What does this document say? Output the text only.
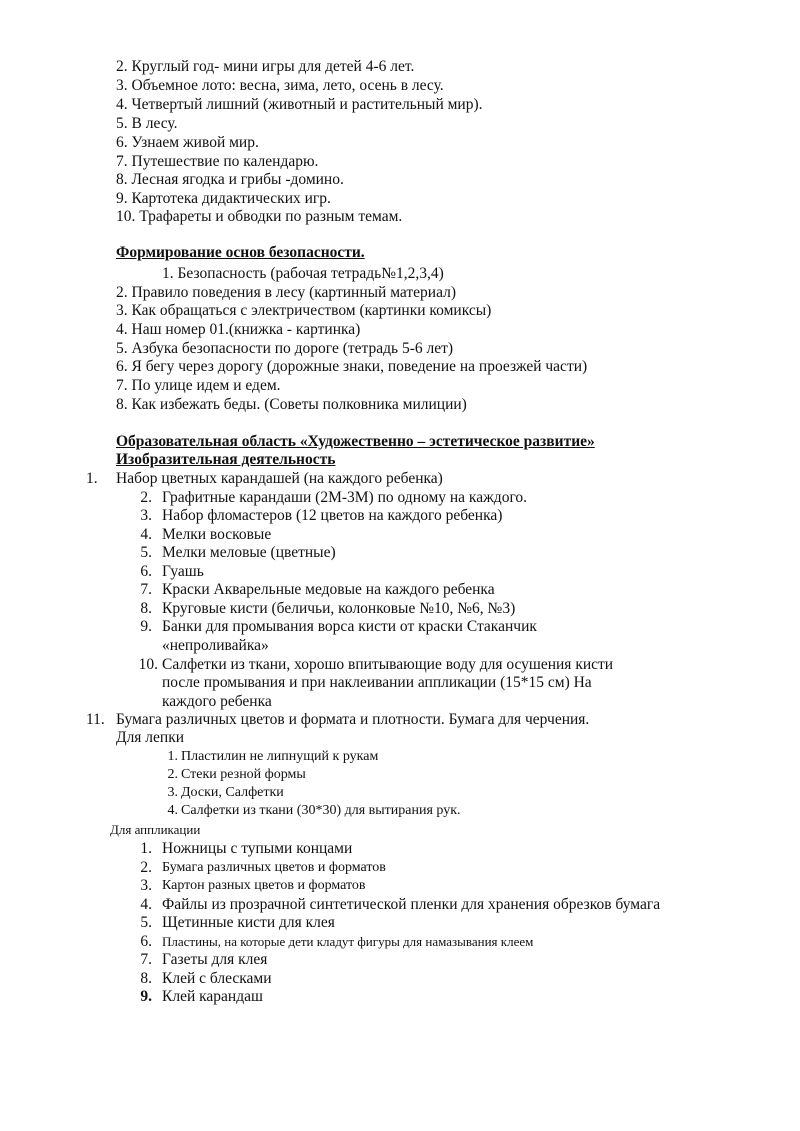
2. Круглый год- мини игры для детей 4-6 лет.
3. Объемное лото: весна, зима, лето, осень в лесу.
4. Четвертый лишний (животный и растительный мир).
5. В лесу.
6. Узнаем живой мир.
7. Путешествие по календарю.
8. Лесная ягодка и грибы -домино.
9. Картотека дидактических игр.
10. Трафареты и обводки по разным темам.
Формирование основ безопасности.
1. Безопасность (рабочая тетрадь№1,2,3,4)
2. Правило поведения в лесу (картинный материал)
3. Как обращаться с электричеством (картинки комиксы)
4. Наш номер 01.(книжка - картинка)
5. Азбука безопасности по дороге (тетрадь 5-6 лет)
6. Я бегу через дорогу (дорожные знаки, поведение на проезжей части)
7. По улице идем и едем.
8. Как избежать беды. (Советы полковника милиции)
Образовательная область «Художественно – эстетическое развитие»
Изобразительная деятельность
1.	Набор цветных карандашей (на каждого ребенка)
2. Графитные карандаши (2М-3М) по одному на каждого.
3. Набор фломастеров (12 цветов на каждого ребенка)
4. Мелки восковые
5. Мелки меловые (цветные)
6. Гуашь
7. Краски Акварельные медовые на каждого ребенка
8. Круговые кисти (беличьи, колонковые №10, №6, №3)
9. Банки для промывания ворса кисти от краски Стаканчик
«непроливайка»
10. Салфетки из ткани, хорошо впитывающие воду для осушения кисти
после промывания и при наклеивании аппликации (15*15 см) На
каждого ребенка
11. Бумага различных цветов и формата и плотности. Бумага для черчения.
Для лепки
1. Пластилин не липнущий к рукам
2. Стеки резной формы
3. Доски, Салфетки
4. Салфетки из ткани (30*30) для вытирания рук.
Для аппликации
1. Ножницы с тупыми концами
2. Бумага различных цветов и форматов
3. Картон разных цветов и форматов
4. Файлы из прозрачной синтетической пленки для хранения обрезков бумага
5. Щетинные кисти для клея
6. Пластины, на которые дети кладут фигуры для намазывания клеем
7. Газеты для клея
8. Клей с блесками
9. Клей карандаш
